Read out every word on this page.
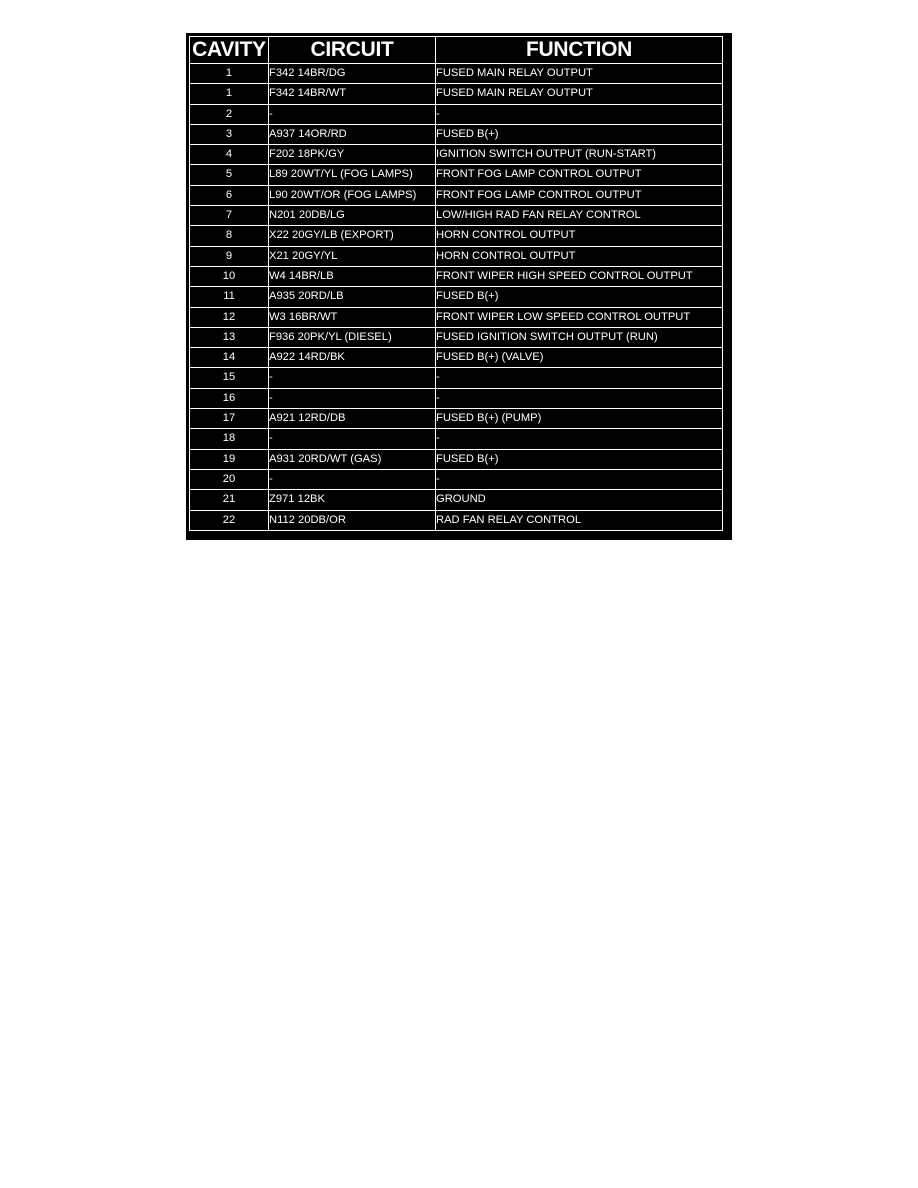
CAVITY	CIRCUIT	FUNCTION
1	F342 14BR/DG	FUSED MAIN RELAY OUTPUT
1	F342 14BR/WT	FUSED MAIN RELAY OUTPUT
2	-	-
3	A937 14OR/RD	FUSED B(+)
4	F202 18PK/GY	IGNITION SWITCH OUTPUT (RUN-START)
5	L89 20WT/YL (FOG LAMPS)	FRONT FOG LAMP CONTROL OUTPUT
6	L90 20WT/OR (FOG LAMPS)	FRONT FOG LAMP CONTROL OUTPUT
7	N201 20DB/LG	LOW/HIGH RAD FAN RELAY CONTROL
8	X22 20GY/LB (EXPORT)	HORN CONTROL OUTPUT
9	X21 20GY/YL	HORN CONTROL OUTPUT
10	W4 14BR/LB	FRONT WIPER HIGH SPEED CONTROL OUTPUT
11	A935 20RD/LB	FUSED B(+)
12	W3 16BR/WT	FRONT WIPER LOW SPEED CONTROL OUTPUT
13	F936 20PK/YL (DIESEL)	FUSED IGNITION SWITCH OUTPUT (RUN)
14	A922 14RD/BK	FUSED B(+) (VALVE)
15	-	-
16	-	-
17	A921 12RD/DB	FUSED B(+) (PUMP)
18	-	-
19	A931 20RD/WT (GAS)	FUSED B(+)
20	-	-
21	Z971 12BK	GROUND
22	N112 20DB/OR	RAD FAN RELAY CONTROL
